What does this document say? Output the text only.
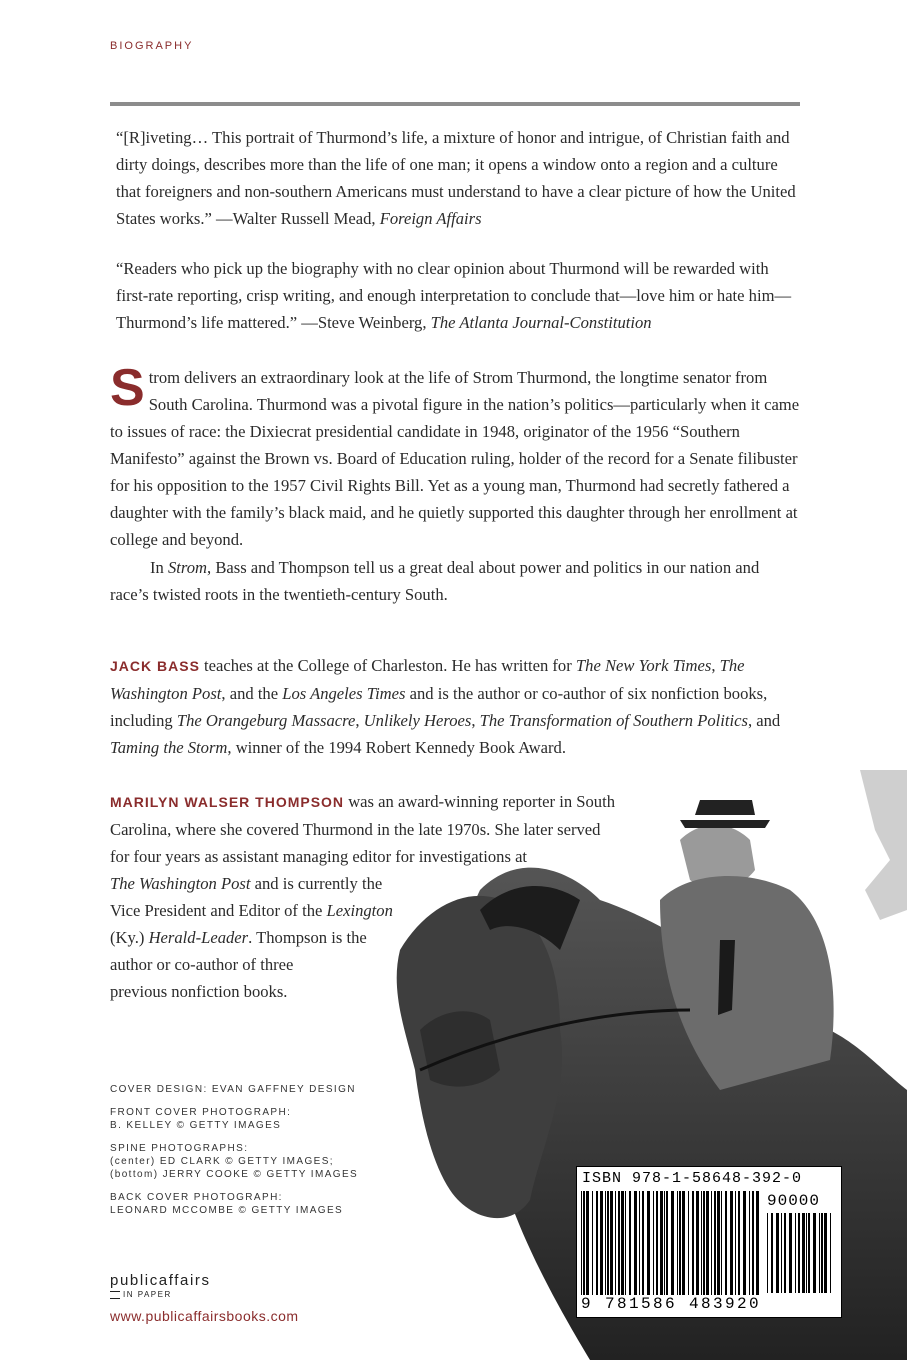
BIOGRAPHY

“[R]iveting… This portrait of Thurmond’s life, a mixture of honor and intrigue, of Christian faith and dirty doings, describes more than the life of one man; it opens a window onto a region and a culture that foreigners and non-southern Americans must understand to have a clear picture of how the United States works.” —Walter Russell Mead, Foreign Affairs

“Readers who pick up the biography with no clear opinion about Thurmond will be rewarded with first-rate reporting, crisp writing, and enough interpretation to conclude that—love him or hate him—Thurmond’s life mattered.” —Steve Weinberg, The Atlanta Journal-Constitution

Strom delivers an extraordinary look at the life of Strom Thurmond, the longtime senator from South Carolina. Thurmond was a pivotal figure in the nation’s politics—particularly when it came to issues of race: the Dixiecrat presidential candidate in 1948, originator of the 1956 “Southern Manifesto” against the Brown vs. Board of Education ruling, holder of the record for a Senate filibuster for his opposition to the 1957 Civil Rights Bill. Yet as a young man, Thurmond had secretly fathered a daughter with the family’s black maid, and he quietly supported this daughter through her enrollment at college and beyond.

In Strom, Bass and Thompson tell us a great deal about power and politics in our nation and race’s twisted roots in the twentieth-century South.

JACK BASS teaches at the College of Charleston. He has written for The New York Times, The Washington Post, and the Los Angeles Times and is the author or co-author of six nonfiction books, including The Orangeburg Massacre, Unlikely Heroes, The Transformation of Southern Politics, and Taming the Storm, winner of the 1994 Robert Kennedy Book Award.

MARILYN WALSER THOMPSON was an award-winning reporter in South
Carolina, where she covered Thurmond in the late 1970s. She later served
for four years as assistant managing editor for investigations at
The Washington Post and is currently the
Vice President and Editor of the Lexington
(Ky.) Herald-Leader. Thompson is the
author or co-author of three
previous nonfiction books.
COVER DESIGN: EVAN GAFFNEY DESIGN
FRONT COVER PHOTOGRAPH:
B. KELLEY © GETTY IMAGES
SPINE PHOTOGRAPHS:
(center) ED CLARK © GETTY IMAGES;
(bottom) JERRY COOKE © GETTY IMAGES
BACK COVER PHOTOGRAPH:
LEONARD MCCOMBE © GETTY IMAGES
publicaffairs
IN PAPER
www.publicaffairsbooks.com
ISBN 978-1-58648-392-0
90000
9 781586 483920
